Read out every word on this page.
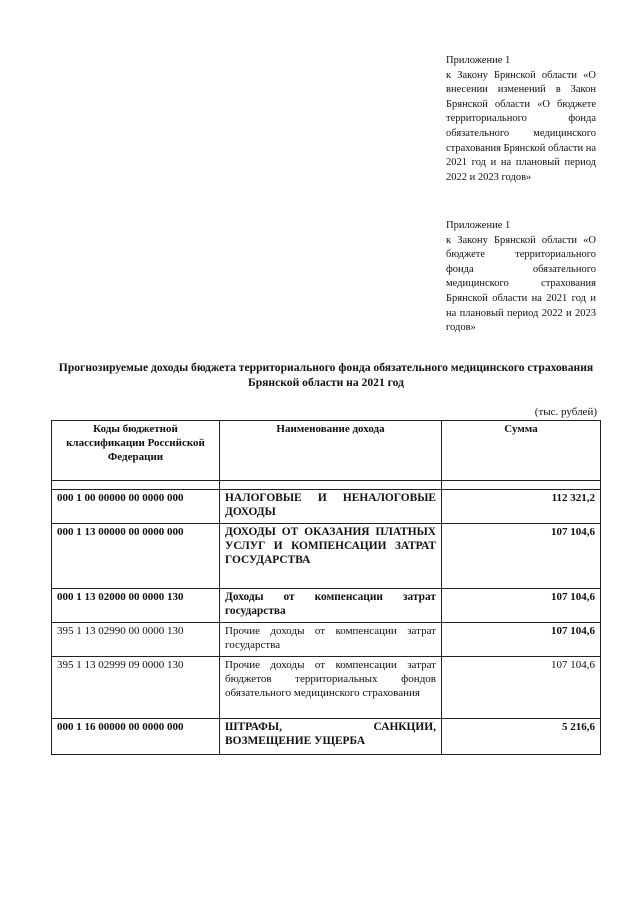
Приложение 1
к Закону Брянской области «О внесении изменений в Закон Брянской области «О бюджете территориального фонда обязательного медицинского страхования Брянской области на 2021 год и на плановый период 2022 и 2023 годов»
Приложение 1
к Закону Брянской области «О бюджете территориального фонда обязательного медицинского страхования Брянской области на 2021 год и на плановый период 2022 и 2023 годов»
Прогнозируемые доходы бюджета территориального фонда обязательного медицинского страхования Брянской области на 2021 год
(тыс. рублей)
Коды бюджетной классификации Российской Федерации	Наименование дохода	Сумма

000 1 00 00000 00 0000 000	НАЛОГОВЫЕ И НЕНАЛОГОВЫЕ ДОХОДЫ	112 321,2
000 1 13 00000 00 0000 000	ДОХОДЫ ОТ ОКАЗАНИЯ ПЛАТНЫХ УСЛУГ И КОМПЕНСАЦИИ ЗАТРАТ ГОСУДАРСТВА	107 104,6
000 1 13 02000 00 0000 130	Доходы от компенсации затрат государства	107 104,6
395 1 13 02990 00 0000 130	Прочие доходы от компенсации затрат государства	107 104,6
395 1 13 02999 09 0000 130	Прочие доходы от компенсации затрат бюджетов территориальных фондов обязательного медицинского страхования	107 104,6
000 1 16 00000 00 0000 000	ШТРАФЫ, САНКЦИИ, ВОЗМЕЩЕНИЕ УЩЕРБА	5 216,6
